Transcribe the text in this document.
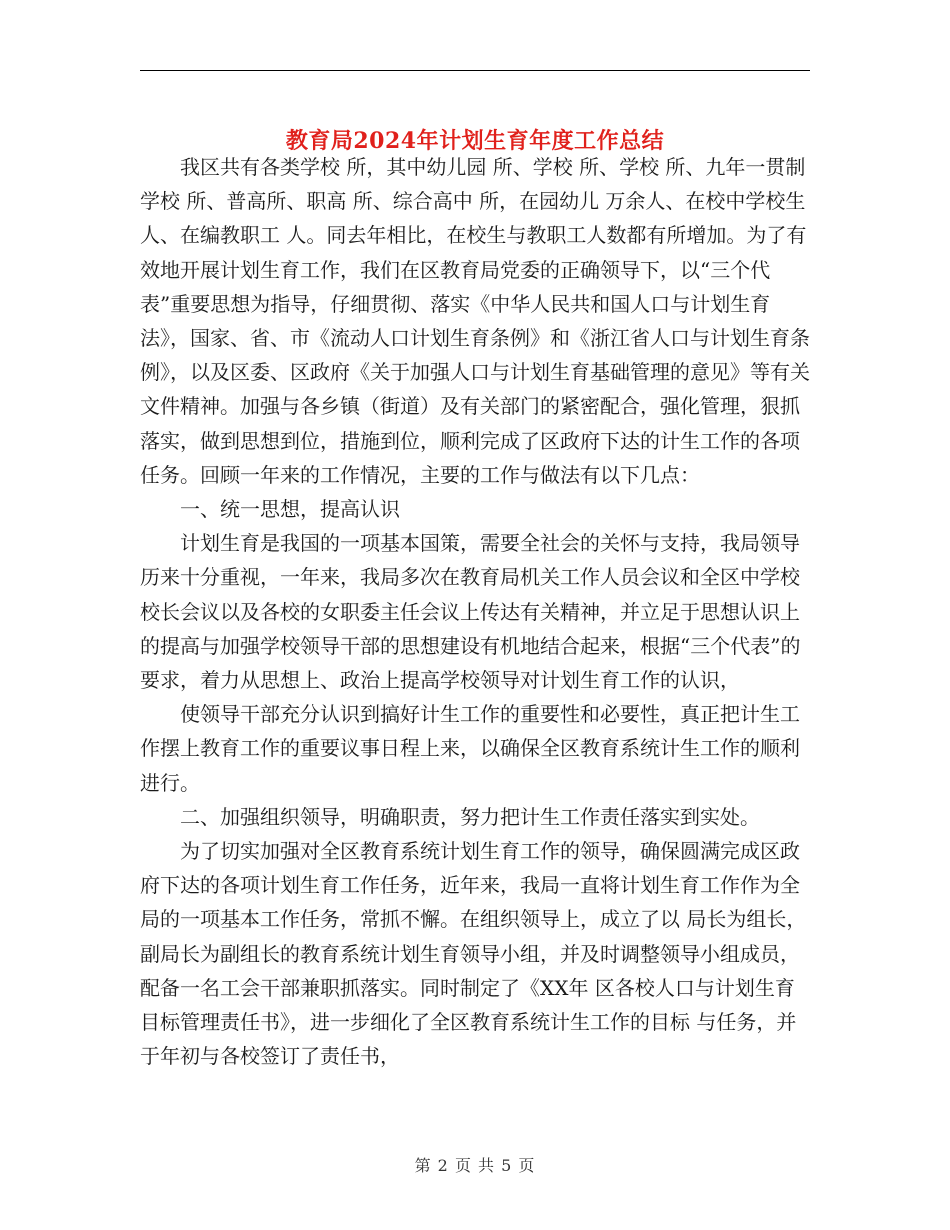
教育局2024年计划生育年度工作总结

我区共有各类学校 所，其中幼儿园 所、学校 所、学校 所、九年一贯制学校 所、普高所、职高 所、综合高中 所，在园幼儿 万余人、在校中学校生 人、在编教职工 人。同去年相比，在校生与教职工人数都有所增加。为了有效地开展计划生育工作，我们在区教育局党委的正确领导下，以“三个代表”重要思想为指导，仔细贯彻、落实《中华人民共和国人口与计划生育法》，国家、省、市《流动人口计划生育条例》和《浙江省人口与计划生育条例》，以及区委、区政府《关于加强人口与计划生育基础管理的意见》等有关文件精神。加强与各乡镇（街道）及有关部门的紧密配合，强化管理，狠抓落实，做到思想到位，措施到位，顺利完成了区政府下达的计生工作的各项任务。回顾一年来的工作情况，主要的工作与做法有以下几点：

一、统一思想，提高认识

计划生育是我国的一项基本国策，需要全社会的关怀与支持，我局领导历来十分重视，一年来，我局多次在教育局机关工作人员会议和全区中学校校长会议以及各校的女职委主任会议上传达有关精神，并立足于思想认识上的提高与加强学校领导干部的思想建设有机地结合起来，根据“三个代表”的要求，着力从思想上、政治上提高学校领导对计划生育工作的认识，

使领导干部充分认识到搞好计生工作的重要性和必要性，真正把计生工作摆上教育工作的重要议事日程上来，以确保全区教育系统计生工作的顺利进行。

二、加强组织领导，明确职责，努力把计生工作责任落实到实处。

为了切实加强对全区教育系统计划生育工作的领导，确保圆满完成区政府下达的各项计划生育工作任务，近年来，我局一直将计划生育工作作为全局的一项基本工作任务，常抓不懈。在组织领导上，成立了以 局长为组长， 副局长为副组长的教育系统计划生育领导小组，并及时调整领导小组成员，配备一名工会干部兼职抓落实。同时制定了《XX年 区各校人口与计划生育目标管理责任书》，进一步细化了全区教育系统计生工作的目标 与任务，并于年初与各校签订了责任书，

第 2 页 共 5 页
